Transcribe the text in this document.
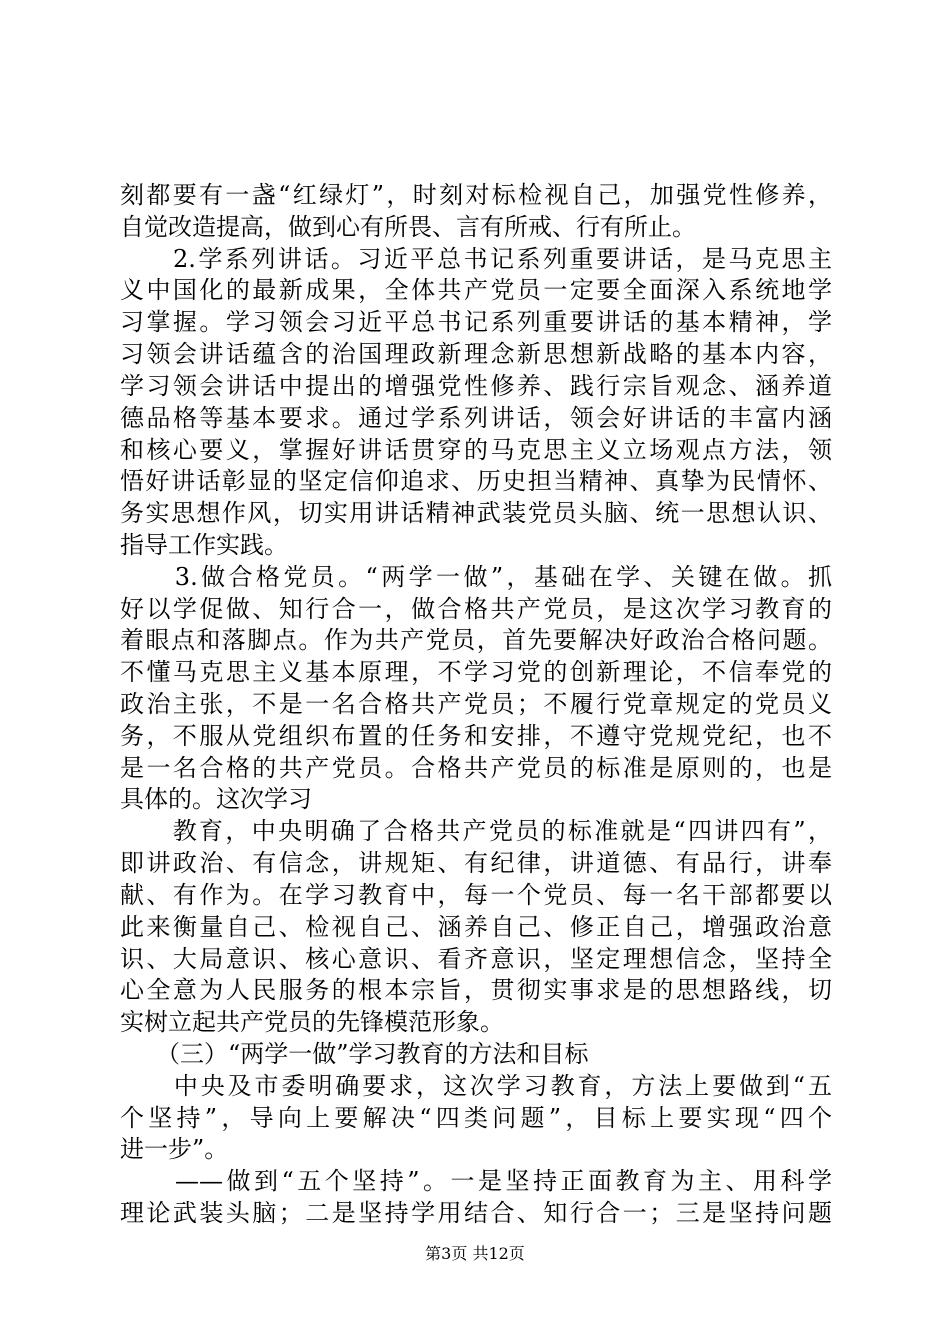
刻都要有一盏“红绿灯”，时刻对标检视自己，加强党性修养，
自觉改造提高，做到心有所畏、言有所戒、行有所止。
　　2.学系列讲话。习近平总书记系列重要讲话，是马克思主
义中国化的最新成果，全体共产党员一定要全面深入系统地学
习掌握。学习领会习近平总书记系列重要讲话的基本精神，学
习领会讲话蕴含的治国理政新理念新思想新战略的基本内容，
学习领会讲话中提出的增强党性修养、践行宗旨观念、涵养道
德品格等基本要求。通过学系列讲话，领会好讲话的丰富内涵
和核心要义，掌握好讲话贯穿的马克思主义立场观点方法，领
悟好讲话彰显的坚定信仰追求、历史担当精神、真挚为民情怀、
务实思想作风，切实用讲话精神武装党员头脑、统一思想认识、
指导工作实践。
　　3.做合格党员。“两学一做”，基础在学、关键在做。抓
好以学促做、知行合一，做合格共产党员，是这次学习教育的
着眼点和落脚点。作为共产党员，首先要解决好政治合格问题。
不懂马克思主义基本原理，不学习党的创新理论，不信奉党的
政治主张，不是一名合格共产党员；不履行党章规定的党员义
务，不服从党组织布置的任务和安排，不遵守党规党纪，也不
是一名合格的共产党员。合格共产党员的标准是原则的，也是
具体的。这次学习
　　教育，中央明确了合格共产党员的标准就是“四讲四有”，
即讲政治、有信念，讲规矩、有纪律，讲道德、有品行，讲奉
献、有作为。在学习教育中，每一个党员、每一名干部都要以
此来衡量自己、检视自己、涵养自己、修正自己，增强政治意
识、大局意识、核心意识、看齐意识，坚定理想信念，坚持全
心全意为人民服务的根本宗旨，贯彻实事求是的思想路线，切
实树立起共产党员的先锋模范形象。
　　（三）“两学一做”学习教育的方法和目标
　　中央及市委明确要求，这次学习教育，方法上要做到“五
个坚持”，导向上要解决“四类问题”，目标上要实现“四个
进一步”。
第3页 共12页
　　——做到“五个坚持”。一是坚持正面教育为主、用科学
理论武装头脑；二是坚持学用结合、知行合一；三是坚持问题
